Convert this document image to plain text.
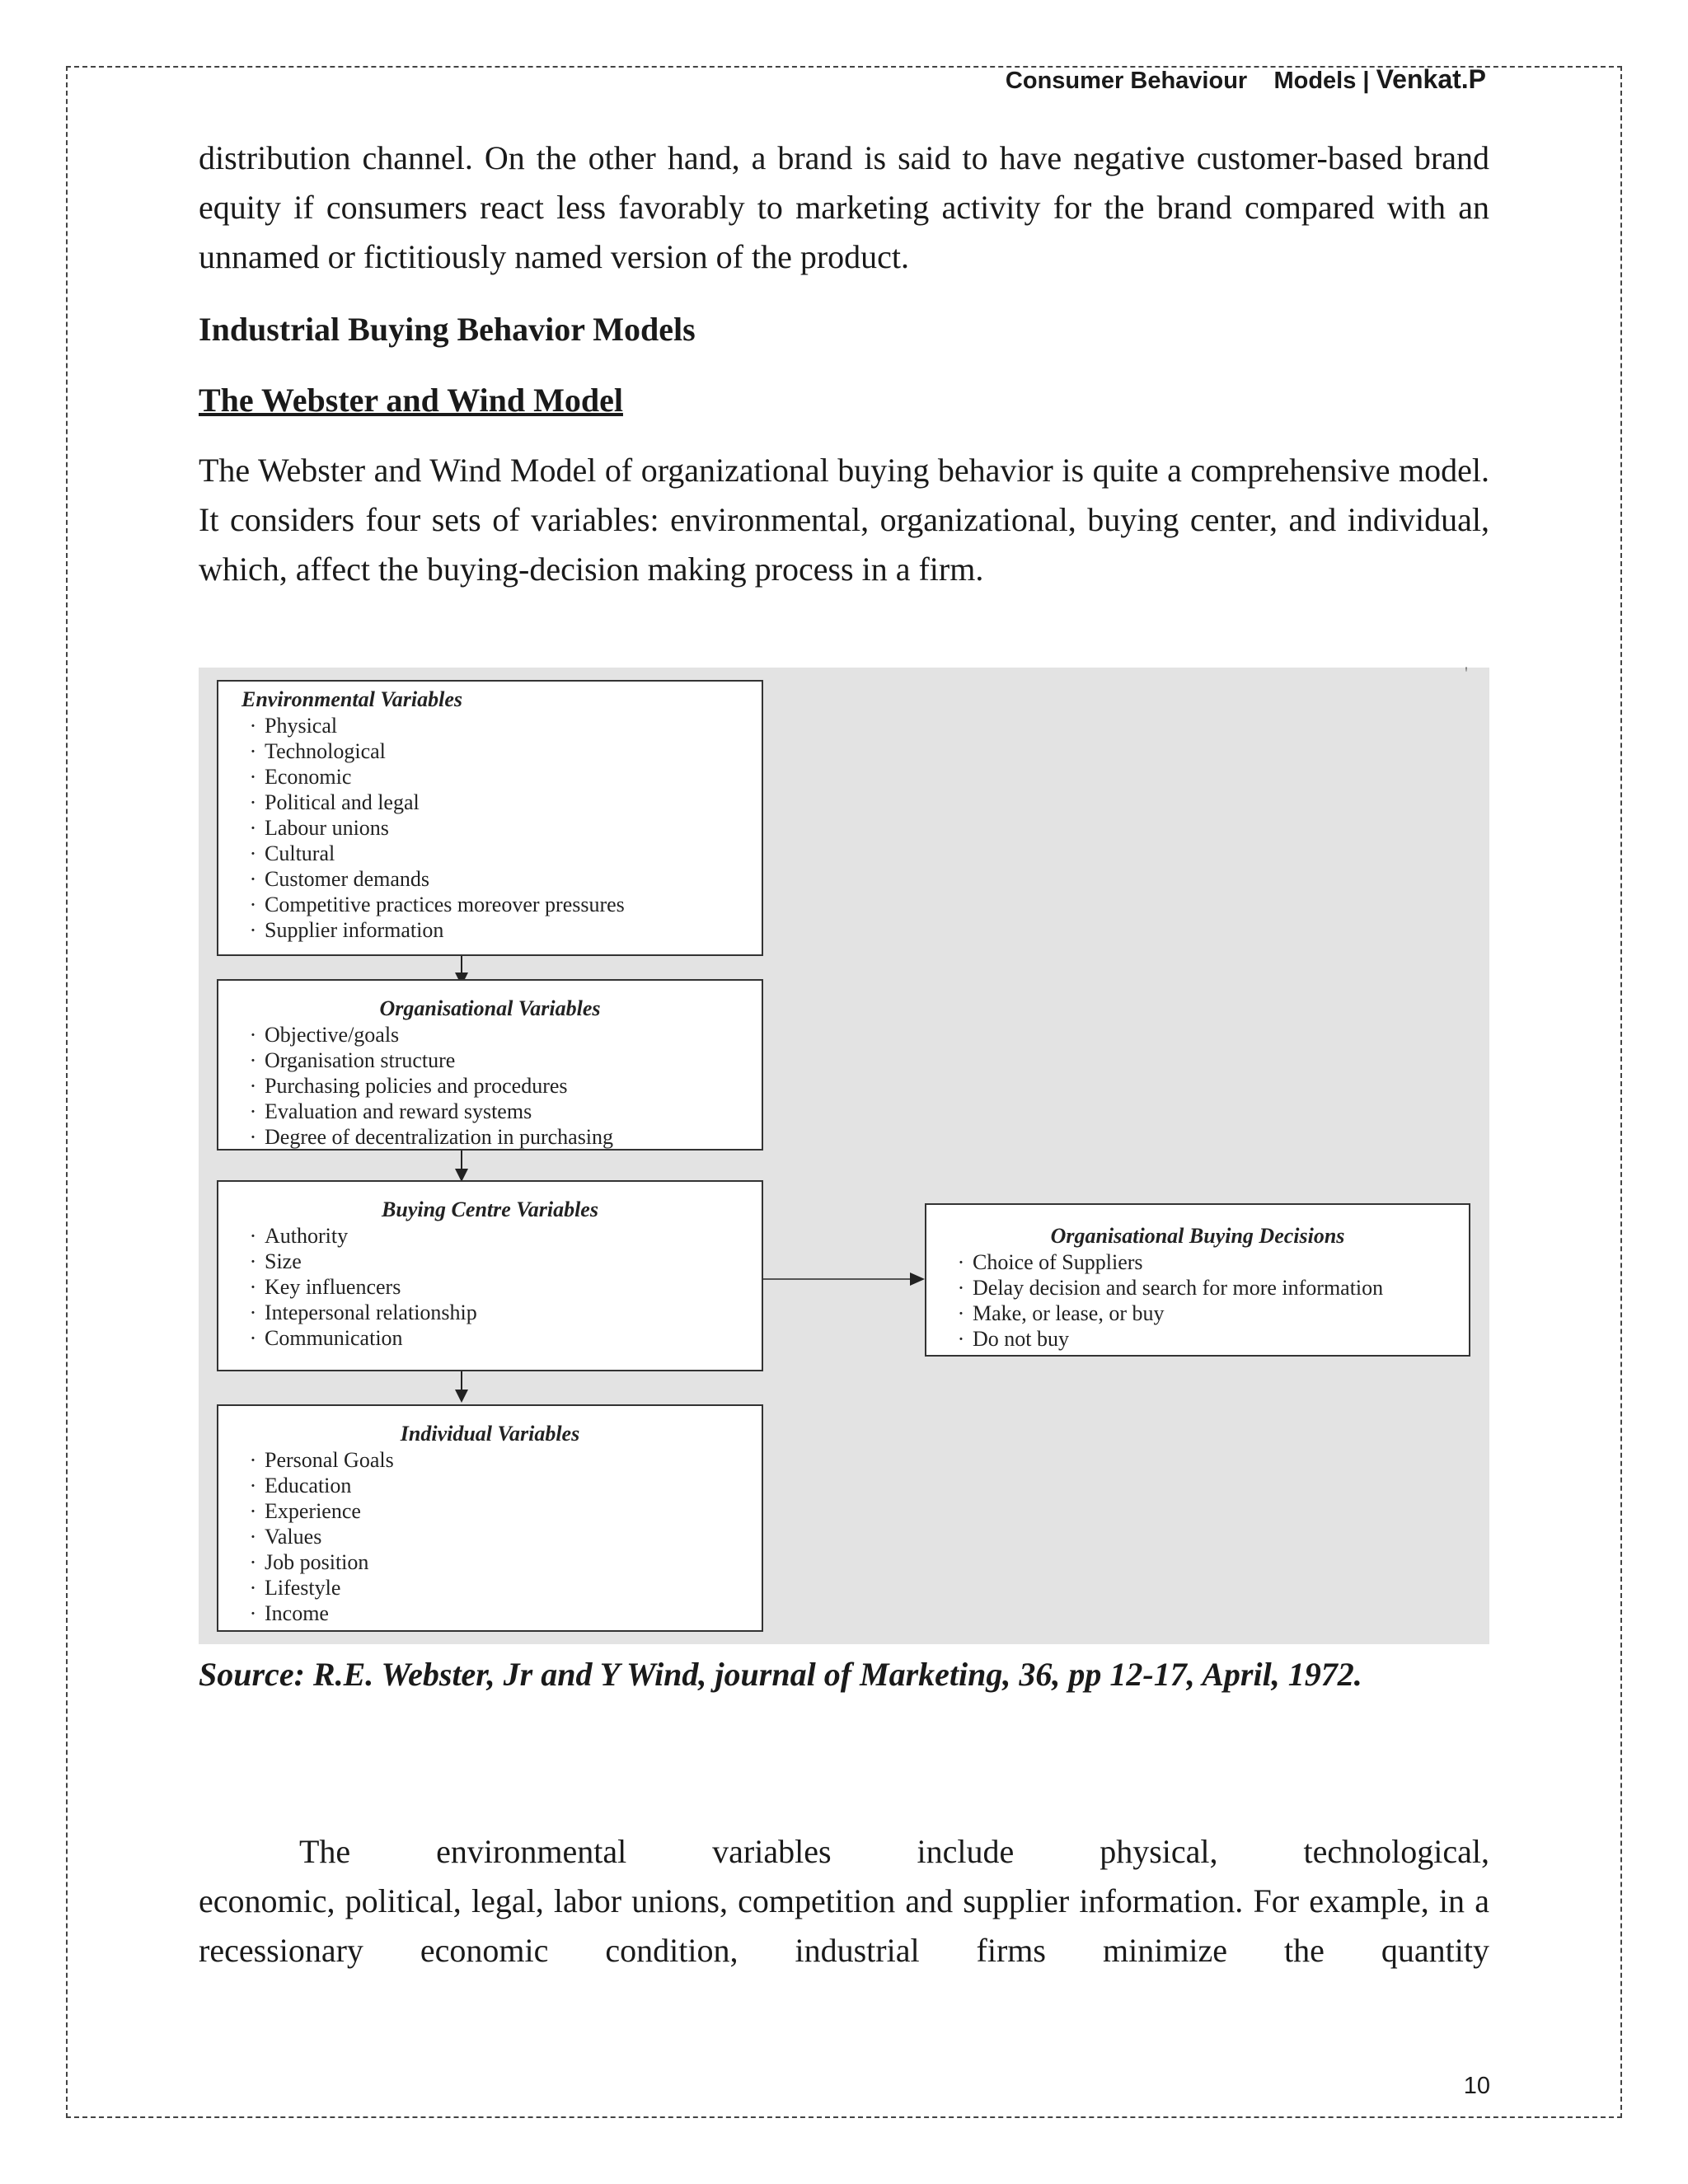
Consumer Behaviour Models | Venkat.P

distribution channel. On the other hand, a brand is said to have negative customer-based brand equity if consumers react less favorably to marketing activity for the brand compared with an unnamed or fictitiously named version of the product.

Industrial Buying Behavior Models

The Webster and Wind Model

The Webster and Wind Model of organizational buying behavior is quite a comprehensive model. It considers four sets of variables: environmental, organizational, buying center, and individual, which, affect the buying-decision making process in a firm.

'
Environmental Variables
· Physical
· Technological
· Economic
· Political and legal
· Labour unions
· Cultural
· Customer demands
· Competitive practices moreover pressures
· Supplier information
Organisational Variables
· Objective/goals
· Organisation structure
· Purchasing policies and procedures
· Evaluation and reward systems
· Degree of decentralization in purchasing
Buying Centre Variables
· Authority
· Size
· Key influencers
· Intepersonal relationship
· Communication
Organisational Buying Decisions
· Choice of Suppliers
· Delay decision and search for more information
· Make, or lease, or buy
· Do not buy
Individual Variables
· Personal Goals
· Education
· Experience
· Values
· Job position
· Lifestyle
· Income

Source: R.E. Webster, Jr and Y Wind, journal of Marketing, 36, pp 12-17, April, 1972.

The environmental variables include physical, technological,

economic, political, legal, labor unions, competition and supplier information. For example, in a recessionary economic condition, industrial firms minimize the quantity

10
